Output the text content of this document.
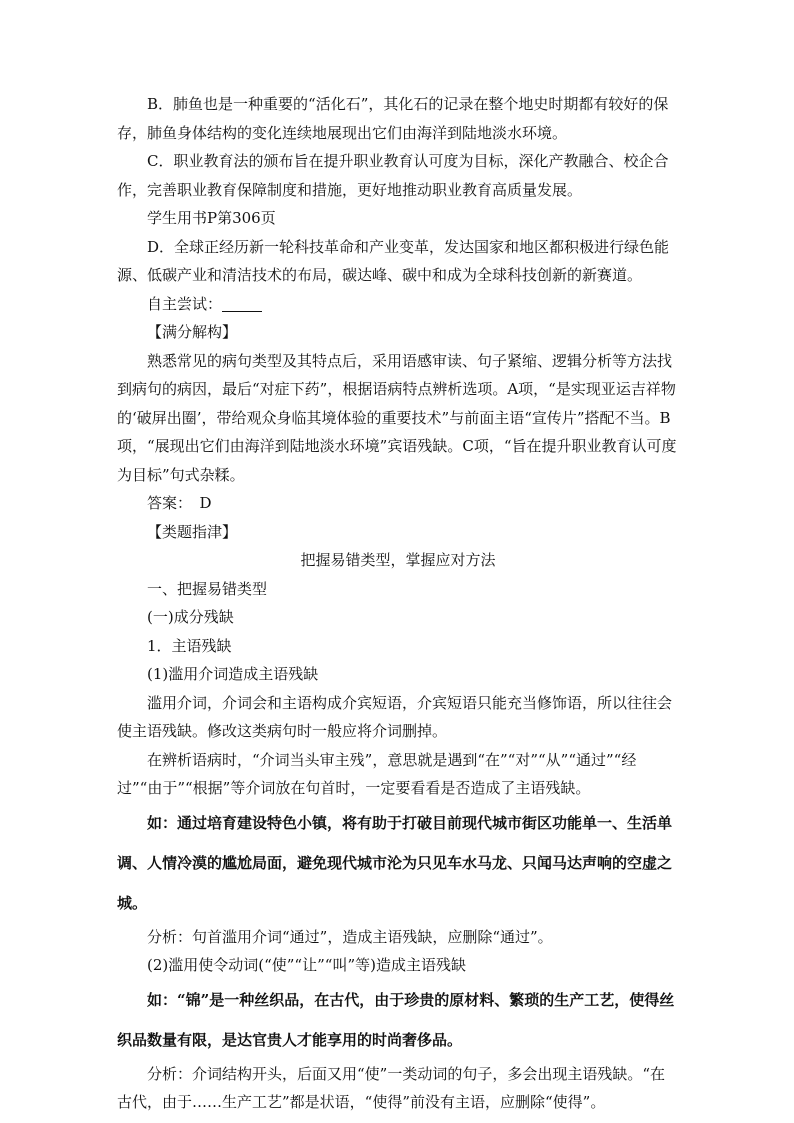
B．肺鱼也是一种重要的“活化石”，其化石的记录在整个地史时期都有较好的保存，肺鱼身体结构的变化连续地展现出它们由海洋到陆地淡水环境。

C．职业教育法的颁布旨在提升职业教育认可度为目标，深化产教融合、校企合作，完善职业教育保障制度和措施，更好地推动职业教育高质量发展。

学生用书P第306页

D．全球正经历新一轮科技革命和产业变革，发达国家和地区都积极进行绿色能源、低碳产业和清洁技术的布局，碳达峰、碳中和成为全球科技创新的新赛道。

自主尝试：

【满分解构】

熟悉常见的病句类型及其特点后，采用语感审读、句子紧缩、逻辑分析等方法找到病句的病因，最后“对症下药”，根据语病特点辨析选项。A项，“是实现亚运吉祥物的‘破屏出圈’，带给观众身临其境体验的重要技术”与前面主语“宣传片”搭配不当。B项，“展现出它们由海洋到陆地淡水环境”宾语残缺。C项，“旨在提升职业教育认可度为目标”句式杂糅。

答案：　D

【类题指津】

把握易错类型，掌握应对方法

一、把握易错类型

(一)成分残缺

1．主语残缺

(1)滥用介词造成主语残缺

滥用介词，介词会和主语构成介宾短语，介宾短语只能充当修饰语，所以往往会使主语残缺。修改这类病句时一般应将介词删掉。

在辨析语病时，“介词当头审主残”，意思就是遇到“在”“对”“从”“通过”“经过”“由于”“根据”等介词放在句首时，一定要看看是否造成了主语残缺。

如：通过培育建设特色小镇，将有助于打破目前现代城市街区功能单一、生活单调、人情冷漠的尴尬局面，避免现代城市沦为只见车水马龙、只闻马达声响的空虚之城。

分析：句首滥用介词“通过”，造成主语残缺，应删除“通过”。

(2)滥用使令动词(“使”“让”“叫”等)造成主语残缺

如：“锦”是一种丝织品，在古代，由于珍贵的原材料、繁琐的生产工艺，使得丝织品数量有限，是达官贵人才能享用的时尚奢侈品。

分析：介词结构开头，后面又用“使”一类动词的句子，多会出现主语残缺。“在古代，由于……生产工艺”都是状语，“使得”前没有主语，应删除“使得”。
